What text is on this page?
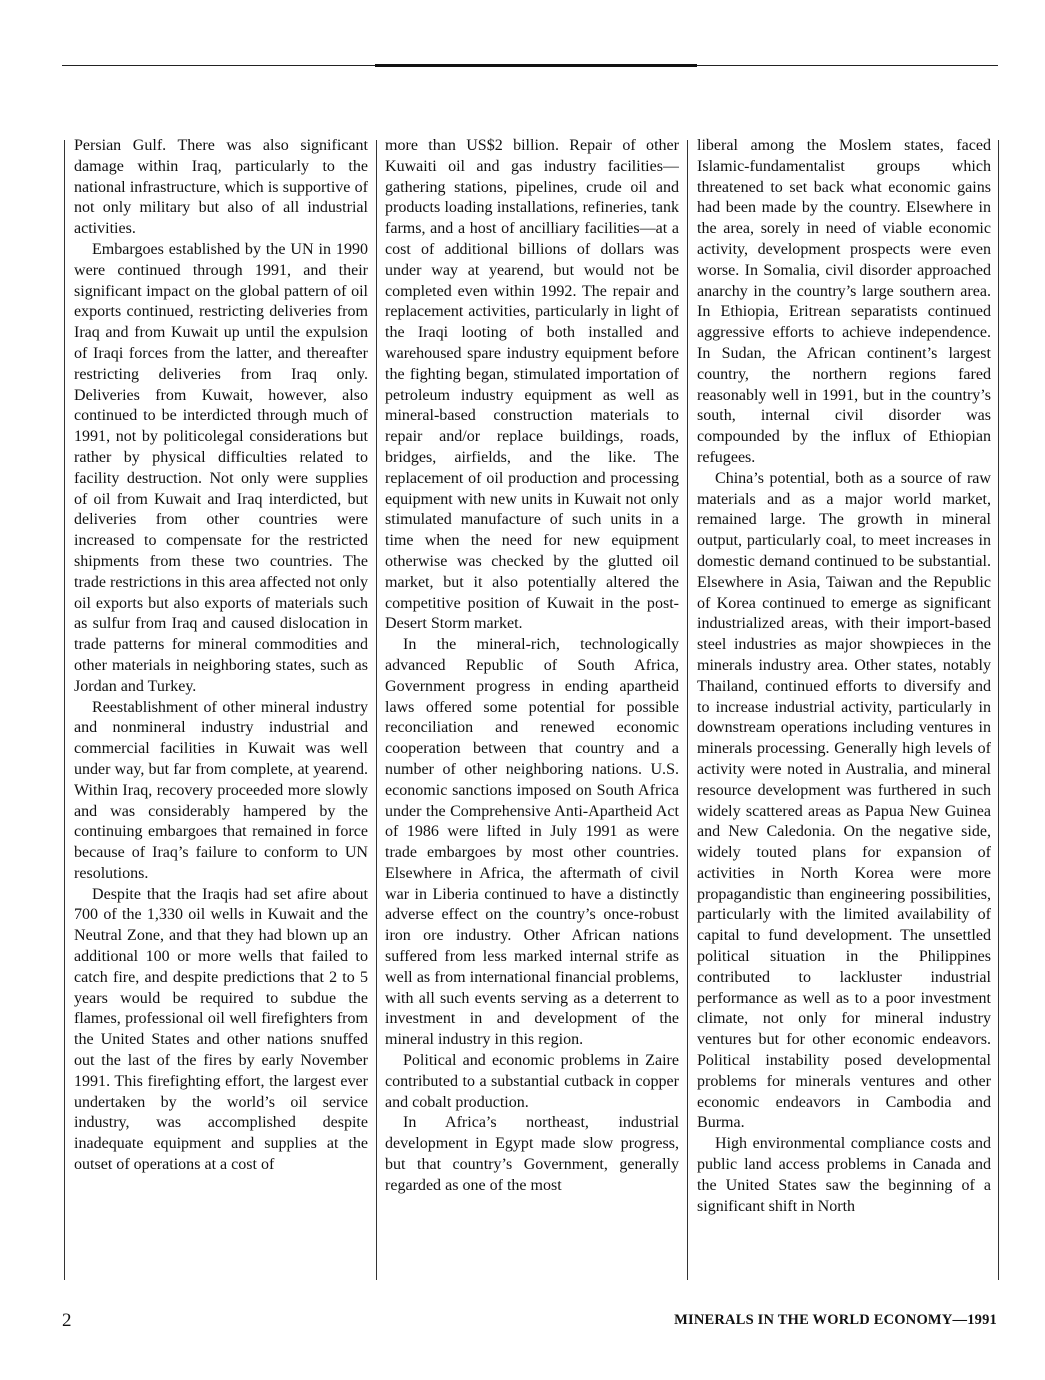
Persian Gulf. There was also significant damage within Iraq, particularly to the national infrastructure, which is supportive of not only military but also of all industrial activities.

Embargoes established by the UN in 1990 were continued through 1991, and their significant impact on the global pattern of oil exports continued, restricting deliveries from Iraq and from Kuwait up until the expulsion of Iraqi forces from the latter, and thereafter restricting deliveries from Iraq only. Deliveries from Kuwait, however, also continued to be interdicted through much of 1991, not by politicolegal considerations but rather by physical difficulties related to facility destruction. Not only were supplies of oil from Kuwait and Iraq interdicted, but deliveries from other countries were increased to compensate for the restricted shipments from these two countries. The trade restrictions in this area affected not only oil exports but also exports of materials such as sulfur from Iraq and caused dislocation in trade patterns for mineral commodities and other materials in neighboring states, such as Jordan and Turkey.

Reestablishment of other mineral industry and nonmineral industry industrial and commercial facilities in Kuwait was well under way, but far from complete, at yearend. Within Iraq, recovery proceeded more slowly and was considerably hampered by the continuing embargoes that remained in force because of Iraq’s failure to conform to UN resolutions.

Despite that the Iraqis had set afire about 700 of the 1,330 oil wells in Kuwait and the Neutral Zone, and that they had blown up an additional 100 or more wells that failed to catch fire, and despite predictions that 2 to 5 years would be required to subdue the flames, professional oil well firefighters from the United States and other nations snuffed out the last of the fires by early November 1991. This firefighting effort, the largest ever undertaken by the world’s oil service industry, was accomplished despite inadequate equipment and supplies at the outset of operations at a cost of

more than US$2 billion. Repair of other Kuwaiti oil and gas industry facilities—gathering stations, pipelines, crude oil and products loading installations, refineries, tank farms, and a host of ancilliary facilities—at a cost of additional billions of dollars was under way at yearend, but would not be completed even within 1992. The repair and replacement activities, particularly in light of the Iraqi looting of both installed and warehoused spare industry equipment before the fighting began, stimulated importation of petroleum industry equipment as well as mineral-based construction materials to repair and/or replace buildings, roads, bridges, airfields, and the like. The replacement of oil production and processing equipment with new units in Kuwait not only stimulated manufacture of such units in a time when the need for new equipment otherwise was checked by the glutted oil market, but it also potentially altered the competitive position of Kuwait in the post-Desert Storm market.

In the mineral-rich, technologically advanced Republic of South Africa, Government progress in ending apartheid laws offered some potential for possible reconciliation and renewed economic cooperation between that country and a number of other neighboring nations. U.S. economic sanctions imposed on South Africa under the Comprehensive Anti-Apartheid Act of 1986 were lifted in July 1991 as were trade embargoes by most other countries. Elsewhere in Africa, the aftermath of civil war in Liberia continued to have a distinctly adverse effect on the country’s once-robust iron ore industry. Other African nations suffered from less marked internal strife as well as from international financial problems, with all such events serving as a deterrent to investment in and development of the mineral industry in this region.

Political and economic problems in Zaire contributed to a substantial cutback in copper and cobalt production.

In Africa’s northeast, industrial development in Egypt made slow progress, but that country’s Government, generally regarded as one of the most

liberal among the Moslem states, faced Islamic-fundamentalist groups which threatened to set back what economic gains had been made by the country. Elsewhere in the area, sorely in need of viable economic activity, development prospects were even worse. In Somalia, civil disorder approached anarchy in the country’s large southern area. In Ethiopia, Eritrean separatists continued aggressive efforts to achieve independence. In Sudan, the African continent’s largest country, the northern regions fared reasonably well in 1991, but in the country’s south, internal civil disorder was compounded by the influx of Ethiopian refugees.

China’s potential, both as a source of raw materials and as a major world market, remained large. The growth in mineral output, particularly coal, to meet increases in domestic demand continued to be substantial. Elsewhere in Asia, Taiwan and the Republic of Korea continued to emerge as significant industrialized areas, with their import-based steel industries as major showpieces in the minerals industry area. Other states, notably Thailand, continued efforts to diversify and to increase industrial activity, particularly in downstream operations including ventures in minerals processing. Generally high levels of activity were noted in Australia, and mineral resource development was furthered in such widely scattered areas as Papua New Guinea and New Caledonia. On the negative side, widely touted plans for expansion of activities in North Korea were more propagandistic than engineering possibilities, particularly with the limited availability of capital to fund development. The unsettled political situation in the Philippines contributed to lackluster industrial performance as well as to a poor investment climate, not only for mineral industry ventures but for other economic endeavors. Political instability posed developmental problems for minerals ventures and other economic endeavors in Cambodia and Burma.

High environmental compliance costs and public land access problems in Canada and the United States saw the beginning of a significant shift in North

2	MINERALS IN THE WORLD ECONOMY—1991
